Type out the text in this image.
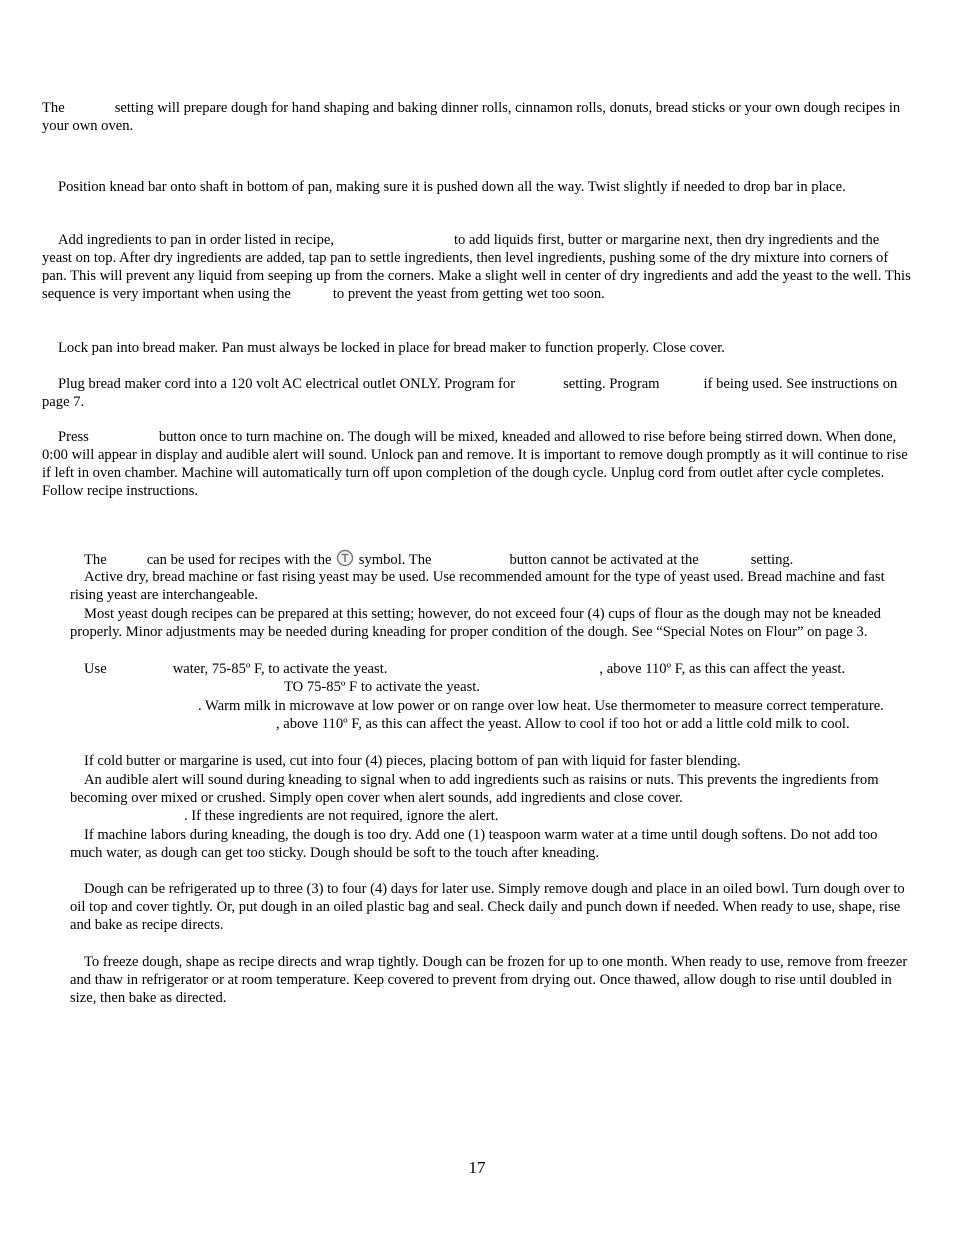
The	setting will prepare dough for hand shaping and baking dinner rolls, cinnamon rolls, donuts, bread sticks or your own dough recipes in your own oven.

Position knead bar onto shaft in bottom of pan, making sure it is pushed down all the way. Twist slightly if needed to drop bar in place.

Add ingredients to pan in order listed in recipe,	to add liquids first, butter or margarine next, then dry ingredients and the yeast on top. After dry ingredients are added, tap pan to settle ingredients, then level ingredients, pushing some of the dry mixture into corners of pan. This will prevent any liquid from seeping up from the corners. Make a slight well in center of dry ingredients and add the yeast to the well. This sequence is very important when using the	to prevent the yeast from getting wet too soon.

Lock pan into bread maker. Pan must always be locked in place for bread maker to function properly. Close cover.

Plug bread maker cord into a 120 volt AC electrical outlet ONLY. Program for	setting. Program	if being used. See instructions on page 7.

Press	button once to turn machine on. The dough will be mixed, kneaded and allowed to rise before being stirred down. When done, 0:00 will appear in display and audible alert will sound. Unlock pan and remove. It is important to remove dough promptly as it will continue to rise if left in oven chamber. Machine will automatically turn off upon completion of the dough cycle. Unplug cord from outlet after cycle completes. Follow recipe instructions.

The	can be used for recipes with the symbol. The	button cannot be activated at the	setting.

Active dry, bread machine or fast rising yeast may be used. Use recommended amount for the type of yeast used. Bread machine and fast rising yeast are interchangeable.

Most yeast dough recipes can be prepared at this setting; however, do not exceed four (4) cups of flour as the dough may not be kneaded properly. Minor adjustments may be needed during kneading for proper condition of the dough. See “Special Notes on Flour” on page 3.

Use	water, 75-85º F, to activate the yeast.	, above 110º F, as this can affect the yeast.
TO 75-85º F to activate the yeast.

. Warm milk in microwave at low power or on range over low heat. Use thermometer to measure correct temperature., above 110º F, as this can affect the yeast. Allow to cool if too hot or add a little cold milk to cool.

If cold butter or margarine is used, cut into four (4) pieces, placing bottom of pan with liquid for faster blending.

An audible alert will sound during kneading to signal when to add ingredients such as raisins or nuts. This prevents the ingredients from becoming over mixed or crushed. Simply open cover when alert sounds, add ingredients and close cover.
. If these ingredients are not required, ignore the alert.

If machine labors during kneading, the dough is too dry. Add one (1) teaspoon warm water at a time until dough softens. Do not add too much water, as dough can get too sticky. Dough should be soft to the touch after kneading.

Dough can be refrigerated up to three (3) to four (4) days for later use. Simply remove dough and place in an oiled bowl. Turn dough over to oil top and cover tightly. Or, put dough in an oiled plastic bag and seal. Check daily and punch down if needed. When ready to use, shape, rise and bake as recipe directs.

To freeze dough, shape as recipe directs and wrap tightly. Dough can be frozen for up to one month. When ready to use, remove from freezer and thaw in refrigerator or at room temperature. Keep covered to prevent from drying out. Once thawed, allow dough to rise until doubled in size, then bake as directed.

17
